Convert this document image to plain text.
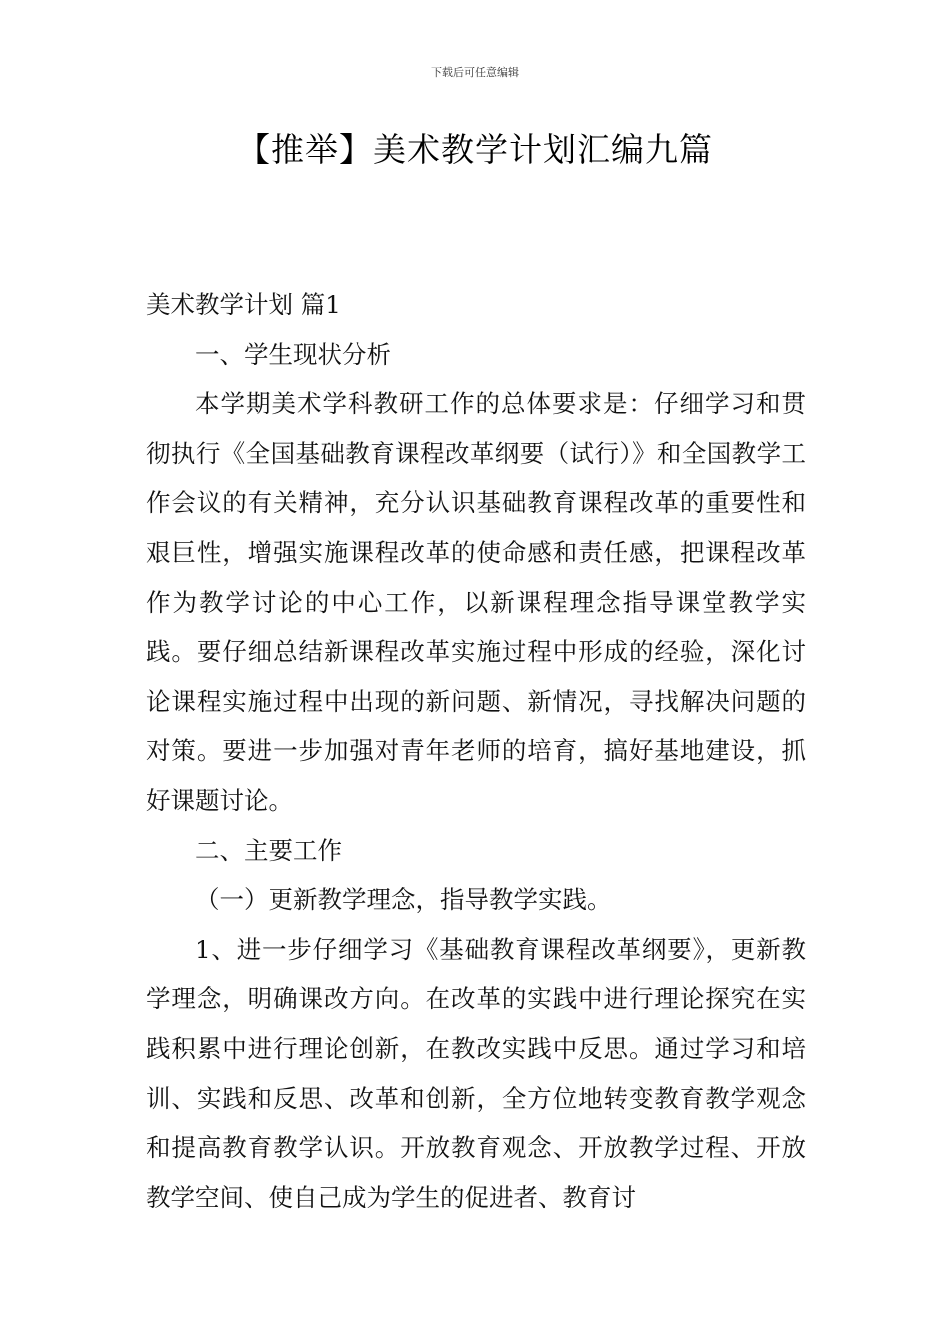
下载后可任意编辑
【推举】美术教学计划汇编九篇

美术教学计划 篇1

一、学生现状分析

本学期美术学科教研工作的总体要求是：仔细学习和贯彻执行《全国基础教育课程改革纲要（试行）》和全国教学工作会议的有关精神，充分认识基础教育课程改革的重要性和艰巨性，增强实施课程改革的使命感和责任感，把课程改革作为教学讨论的中心工作，以新课程理念指导课堂教学实践。要仔细总结新课程改革实施过程中形成的经验，深化讨论课程实施过程中出现的新问题、新情况，寻找解决问题的对策。要进一步加强对青年老师的培育，搞好基地建设，抓好课题讨论。

二、主要工作

（一）更新教学理念，指导教学实践。

1、进一步仔细学习《基础教育课程改革纲要》，更新教学理念，明确课改方向。在改革的实践中进行理论探究在实践积累中进行理论创新，在教改实践中反思。通过学习和培训、实践和反思、改革和创新，全方位地转变教育教学观念和提高教育教学认识。开放教育观念、开放教学过程、开放教学空间、使自己成为学生的促进者、教育讨
